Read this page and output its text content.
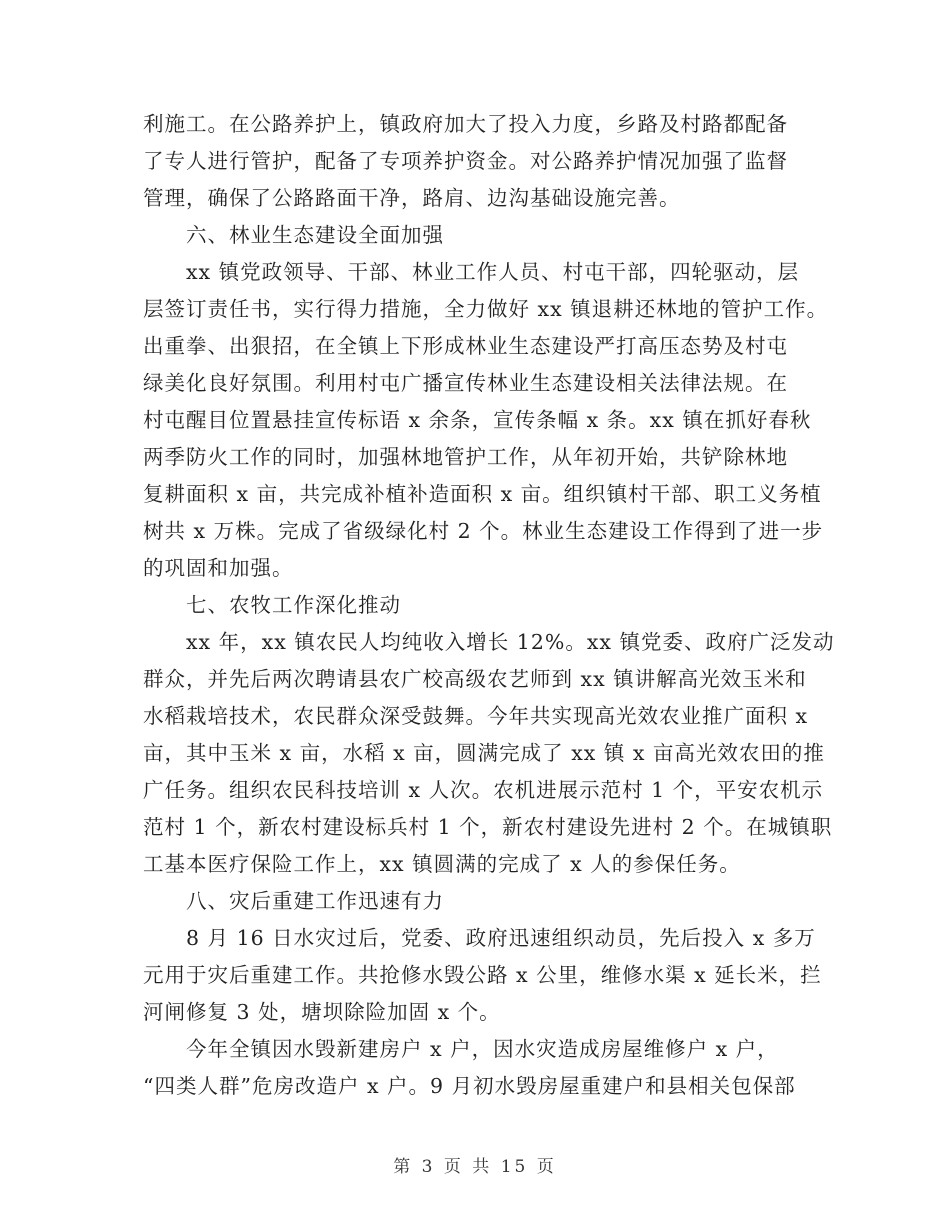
利施工。在公路养护上，镇政府加大了投入力度，乡路及村路都配备
了专人进行管护，配备了专项养护资金。对公路养护情况加强了监督
管理，确保了公路路面干净，路肩、边沟基础设施完善。
六、林业生态建设全面加强
xx 镇党政领导、干部、林业工作人员、村屯干部，四轮驱动，层
层签订责任书，实行得力措施，全力做好 xx 镇退耕还林地的管护工作。
出重拳、出狠招，在全镇上下形成林业生态建设严打高压态势及村屯
绿美化良好氛围。利用村屯广播宣传林业生态建设相关法律法规。在
村屯醒目位置悬挂宣传标语 x 余条，宣传条幅 x 条。xx 镇在抓好春秋
两季防火工作的同时，加强林地管护工作，从年初开始，共铲除林地
复耕面积 x 亩，共完成补植补造面积 x 亩。组织镇村干部、职工义务植
树共 x 万株。完成了省级绿化村 2 个。林业生态建设工作得到了进一步
的巩固和加强。
七、农牧工作深化推动
xx 年，xx 镇农民人均纯收入增长 12%。xx 镇党委、政府广泛发动
群众，并先后两次聘请县农广校高级农艺师到 xx 镇讲解高光效玉米和
水稻栽培技术，农民群众深受鼓舞。今年共实现高光效农业推广面积 x
亩，其中玉米 x 亩，水稻 x 亩，圆满完成了 xx 镇 x 亩高光效农田的推
广任务。组织农民科技培训 x 人次。农机进展示范村 1 个，平安农机示
范村 1 个，新农村建设标兵村 1 个，新农村建设先进村 2 个。在城镇职
工基本医疗保险工作上，xx 镇圆满的完成了 x 人的参保任务。
八、灾后重建工作迅速有力
8 月 16 日水灾过后，党委、政府迅速组织动员，先后投入 x 多万
元用于灾后重建工作。共抢修水毁公路 x 公里，维修水渠 x 延长米，拦
河闸修复 3 处，塘坝除险加固 x 个。
今年全镇因水毁新建房户 x 户，因水灾造成房屋维修户 x 户，
“四类人群”危房改造户 x 户。9 月初水毁房屋重建户和县相关包保部
第 3 页 共 15 页
